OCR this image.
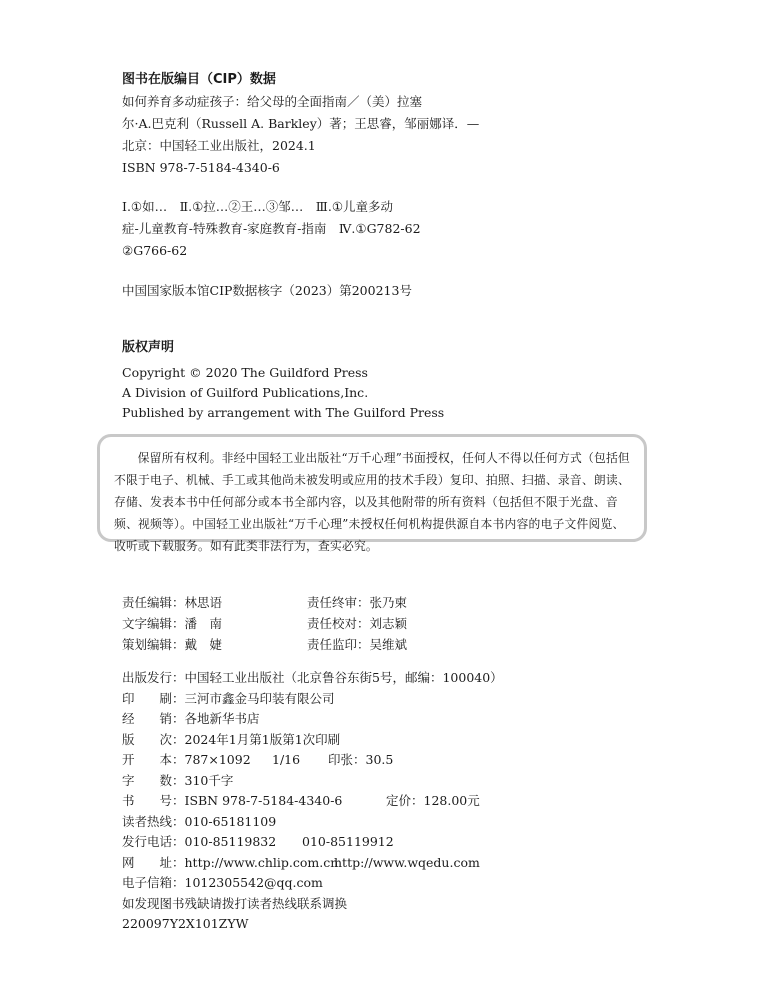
图书在版编目（CIP）数据
如何养育多动症孩子：给父母的全面指南／（美）拉塞
尔·A.巴克利（Russell A. Barkley）著；王思睿，邹丽娜译．—
北京：中国轻工业出版社，2024.1
ISBN 978-7-5184-4340-6
Ⅰ.①如…　Ⅱ.①拉…②王…③邹…　Ⅲ.①儿童多动
症-儿童教育-特殊教育-家庭教育-指南　Ⅳ.①G782-62
②G766-62
中国国家版本馆CIP数据核字（2023）第200213号
版权声明
Copyright © 2020 The Guildford Press
A Division of Guilford Publications,Inc.
Published by arrangement with The Guilford Press

保留所有权利。非经中国轻工业出版社“万千心理”书面授权，任何人不得以任何方式（包括但不限于电子、机械、手工或其他尚未被发明或应用的技术手段）复印、拍照、扫描、录音、朗读、存储、发表本书中任何部分或本书全部内容，以及其他附带的所有资料（包括但不限于光盘、音频、视频等）。中国轻工业出版社“万千心理”未授权任何机构提供源自本书内容的电子文件阅览、收听或下载服务。如有此类非法行为，查实必究。

责任编辑：林思语	责任终审：张乃柬
文字编辑：潘　南	责任校对：刘志颖
策划编辑：戴　婕	责任监印：吴维斌
出版发行：中国轻工业出版社（北京鲁谷东街5号，邮编：100040）
印　　刷：三河市鑫金马印装有限公司
经　　销：各地新华书店
版　　次：2024年1月第1版第1次印刷
开　　本：787×1092 1/16 印张：30.5
字　　数：310千字
书　　号：ISBN 978-7-5184-4340-6	定价：128.00元
读者热线：010-65181109
发行电话：010-85119832 010-85119912
网　　址：http://www.chlip.com.cnhttp://www.wqedu.com
电子信箱：1012305542@qq.com
如发现图书残缺请拨打读者热线联系调换
220097Y2X101ZYW
